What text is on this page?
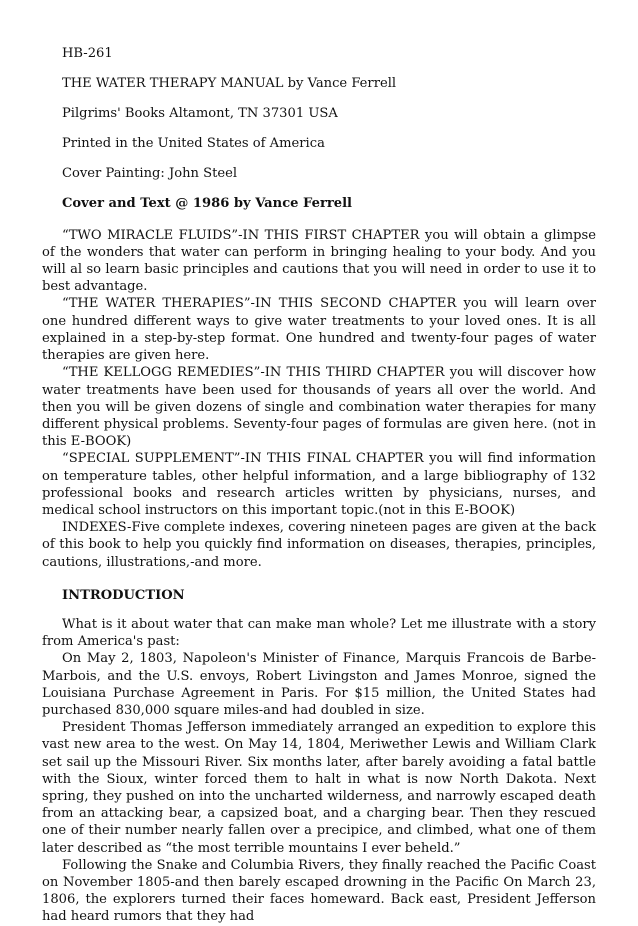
HB-261
THE WATER THERAPY MANUAL by Vance Ferrell
Pilgrims' Books Altamont, TN 37301 USA
Printed in the United States of America
Cover Painting: John Steel
Cover and Text @ 1986 by Vance Ferrell

“TWO MIRACLE FLUIDS”-IN THIS FIRST CHAPTER you will obtain a glimpse of the wonders that water can perform in bringing healing to your body. And you will al so learn basic principles and cautions that you will need in order to use it to best advantage.

“THE WATER THERAPIES”-IN THIS SECOND CHAPTER you will learn over one hundred different ways to give water treatments to your loved ones. It is all explained in a step-by-step format. One hundred and twenty-four pages of water therapies are given here.

“THE KELLOGG REMEDIES”-IN THIS THIRD CHAPTER you will discover how water treatments have been used for thousands of years all over the world. And then you will be given dozens of single and combination water therapies for many different physical problems. Seventy-four pages of formulas are given here. (not in this E-BOOK)

“SPECIAL SUPPLEMENT”-IN THIS FINAL CHAPTER you will find information on temperature tables, other helpful information, and a large bibliography of 132 professional books and research articles written by physicians, nurses, and medical school instructors on this important topic.(not in this E-BOOK)

INDEXES-Five complete indexes, covering nineteen pages are given at the back of this book to help you quickly find information on diseases, therapies, principles, cautions, illustrations,-and more.

INTRODUCTION

What is it about water that can make man whole? Let me illustrate with a story from America's past:

On May 2, 1803, Napoleon's Minister of Finance, Marquis Francois de Barbe-Marbois, and the U.S. envoys, Robert Livingston and James Monroe, signed the Louisiana Purchase Agreement in Paris. For $15 million, the United States had purchased 830,000 square miles-and had doubled in size.

President Thomas Jefferson immediately arranged an expedition to explore this vast new area to the west. On May 14, 1804, Meriwether Lewis and William Clark set sail up the Missouri River. Six months later, after barely avoiding a fatal battle with the Sioux, winter forced them to halt in what is now North Dakota. Next spring, they pushed on into the uncharted wilderness, and narrowly escaped death from an attacking bear, a capsized boat, and a charging bear. Then they rescued one of their number nearly fallen over a precipice, and climbed, what one of them later described as “the most terrible mountains I ever beheld.”

Following the Snake and Columbia Rivers, they finally reached the Pacific Coast on November 1805-and then barely escaped drowning in the Pacific On March 23, 1806, the explorers turned their faces homeward. Back east, President Jefferson had heard rumors that they had
